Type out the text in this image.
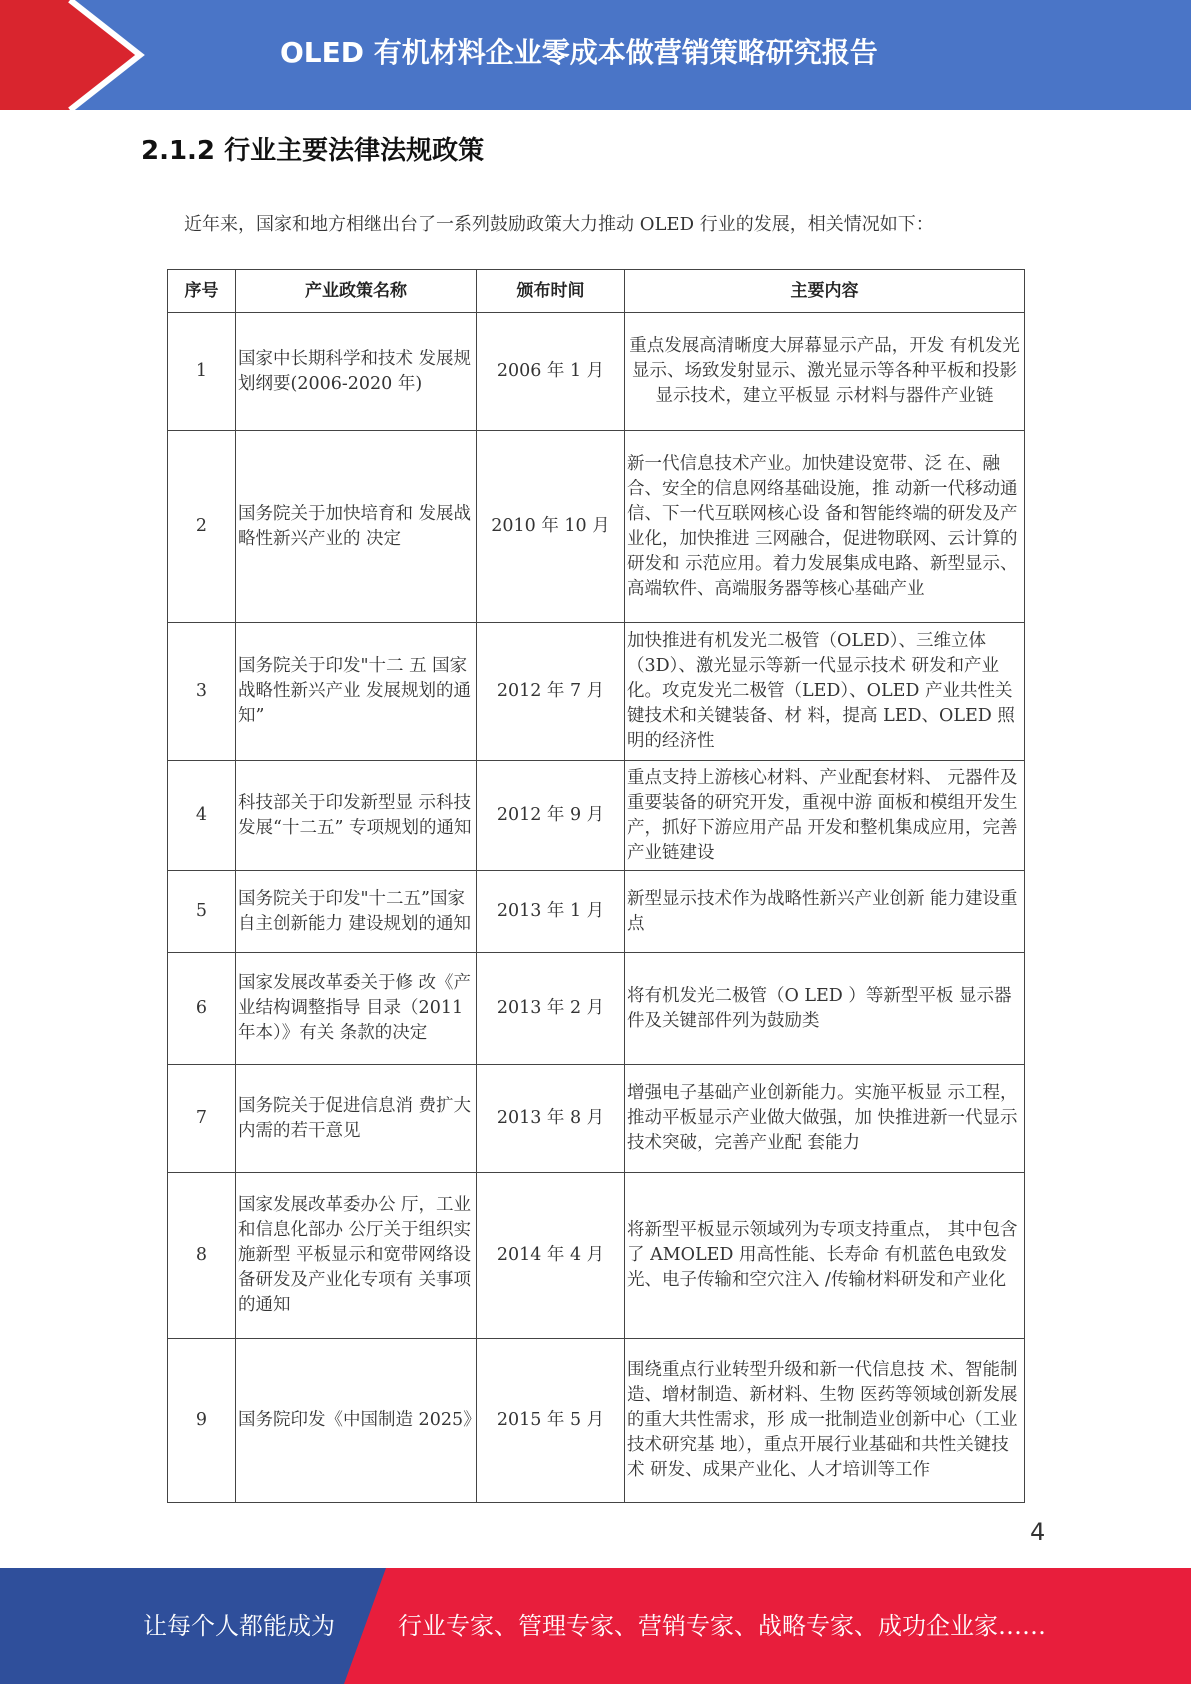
OLED 有机材料企业零成本做营销策略研究报告
2.1.2 行业主要法律法规政策
近年来，国家和地方相继出台了一系列鼓励政策大力推动 OLED 行业的发展，相关情况如下：
序号	产业政策名称	颁布时间	主要内容
1	国家中长期科学和技术 发展规划纲要(2006-2020 年)	2006 年 1 月	重点发展高清晰度大屏幕显示产品，开发 有机发光显示、场致发射显示、激光显示等各种平板和投影显示技术，建立平板显 示材料与器件产业链
2	国务院关于加快培育和 发展战略性新兴产业的 决定	2010 年 10 月	新一代信息技术产业。加快建设宽带、泛 在、融合、安全的信息网络基础设施，推 动新一代移动通信、下一代互联网核心设 备和智能终端的研发及产业化，加快推进 三网融合，促进物联网、云计算的研发和 示范应用。着力发展集成电路、新型显示、 高端软件、高端服务器等核心基础产业
3	国务院关于印发"十二 五 国家战略性新兴产业 发展规划的通知”	2012 年 7 月	加快推进有机发光二极管（OLED）、三维立体（3D）、激光显示等新一代显示技术 研发和产业化。攻克发光二极管（LED）、OLED 产业共性关键技术和关键装备、材 料，提高 LED、OLED 照明的经济性
4	科技部关于印发新型显 示科技发展“十二五” 专项规划的通知	2012 年 9 月	重点支持上游核心材料、产业配套材料、 元器件及重要装备的研究开发，重视中游 面板和模组开发生产，抓好下游应用产品 开发和整机集成应用，完善产业链建设
5	国务院关于印发"十二五”国家自主创新能力 建设规划的通知	2013 年 1 月	新型显示技术作为战略性新兴产业创新 能力建设重点
6	国家发展改革委关于修 改《产业结构调整指导 目录（2011 年本）》有关 条款的决定	2013 年 2 月	将有机发光二极管（O LED ）等新型平板 显示器件及关键部件列为鼓励类
7	国务院关于促进信息消 费扩大内需的若干意见	2013 年 8 月	增强电子基础产业创新能力。实施平板显 示工程，推动平板显示产业做大做强，加 快推进新一代显示技术突破，完善产业配 套能力
8	国家发展改革委办公 厅，工业和信息化部办 公厅关于组织实施新型 平板显示和宽带网络设 备研发及产业化专项有 关事项的通知	2014 年 4 月	将新型平板显示领域列为专项支持重点， 其中包含了 AMOLED 用高性能、长寿命 有机蓝色电致发光、电子传输和空穴注入 /传输材料研发和产业化
9	国务院印发《中国制造 2025》	2015 年 5 月	围绕重点行业转型升级和新一代信息技 术、智能制造、增材制造、新材料、生物 医药等领域创新发展的重大共性需求，形 成一批制造业创新中心（工业技术研究基 地），重点开展行业基础和共性关键技术 研发、成果产业化、人才培训等工作
4
让每个人都能成为	行业专家、管理专家、营销专家、战略专家、成功企业家……
